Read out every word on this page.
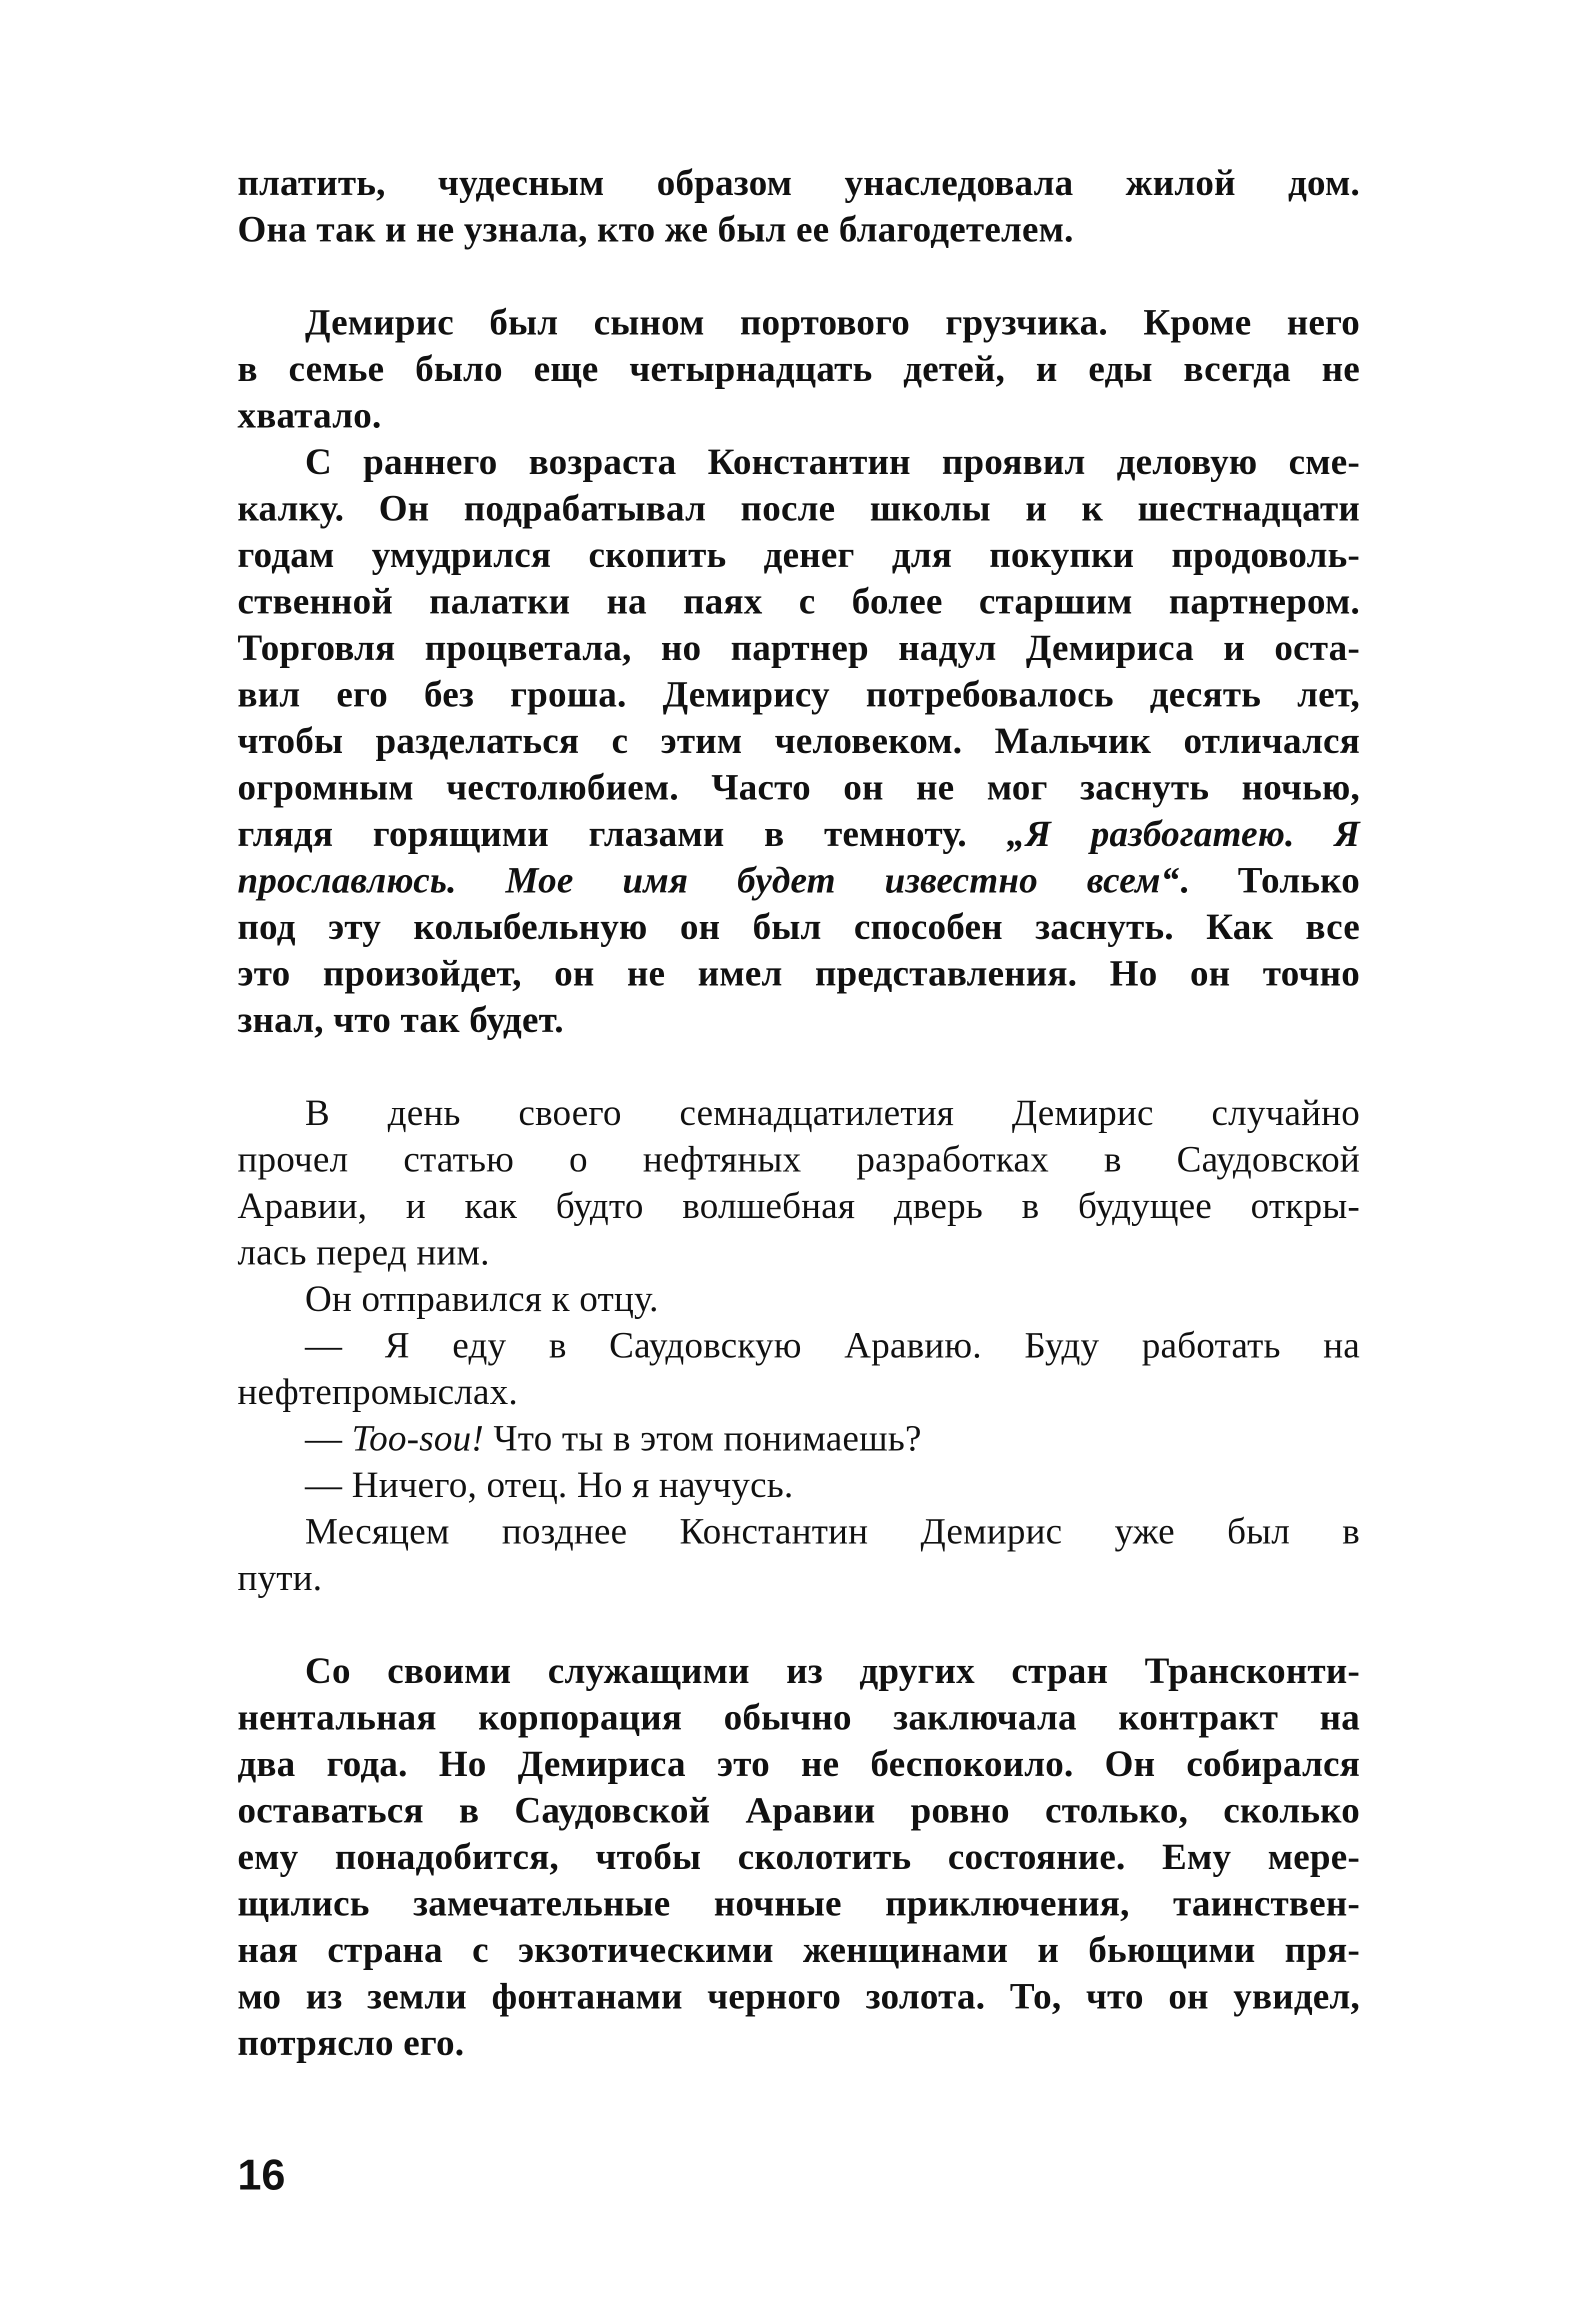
платить, чудесным образом унаследовала жилой дом.
Она так и не узнала, кто же был ее благодетелем.
Демирис был сыном портового грузчика. Кроме него
в семье было еще четырнадцать детей, и еды всегда не
хватало.
С раннего возраста Константин проявил деловую сме-
калку. Он подрабатывал после школы и к шестнадцати
годам умудрился скопить денег для покупки продоволь-
ственной палатки на паях с более старшим партнером.
Торговля процветала, но партнер надул Демириса и оста-
вил его без гроша. Демирису потребовалось десять лет,
чтобы разделаться с этим человеком. Мальчик отличался
огромным честолюбием. Часто он не мог заснуть ночью,
глядя горящими глазами в темноту. „Я разбогатею. Я
прославлюсь. Мое имя будет известно всем“. Только
под эту колыбельную он был способен заснуть. Как все
это произойдет, он не имел представления. Но он точно
знал, что так будет.
В день своего семнадцатилетия Демирис случайно
прочел статью о нефтяных разработках в Саудовской
Аравии, и как будто волшебная дверь в будущее откры-
лась перед ним.
Он отправился к отцу.
— Я еду в Саудовскую Аравию. Буду работать на
нефтепромыслах.
— Too-sou! Что ты в этом понимаешь?
— Ничего, отец. Но я научусь.
Месяцем позднее Константин Демирис уже был в
пути.
Со своими служащими из других стран Трансконти-
нентальная корпорация обычно заключала контракт на
два года. Но Демириса это не беспокоило. Он собирался
оставаться в Саудовской Аравии ровно столько, сколько
ему понадобится, чтобы сколотить состояние. Ему мере-
щились замечательные ночные приключения, таинствен-
ная страна с экзотическими женщинами и бьющими пря-
мо из земли фонтанами черного золота. То, что он увидел,
потрясло его.
16
